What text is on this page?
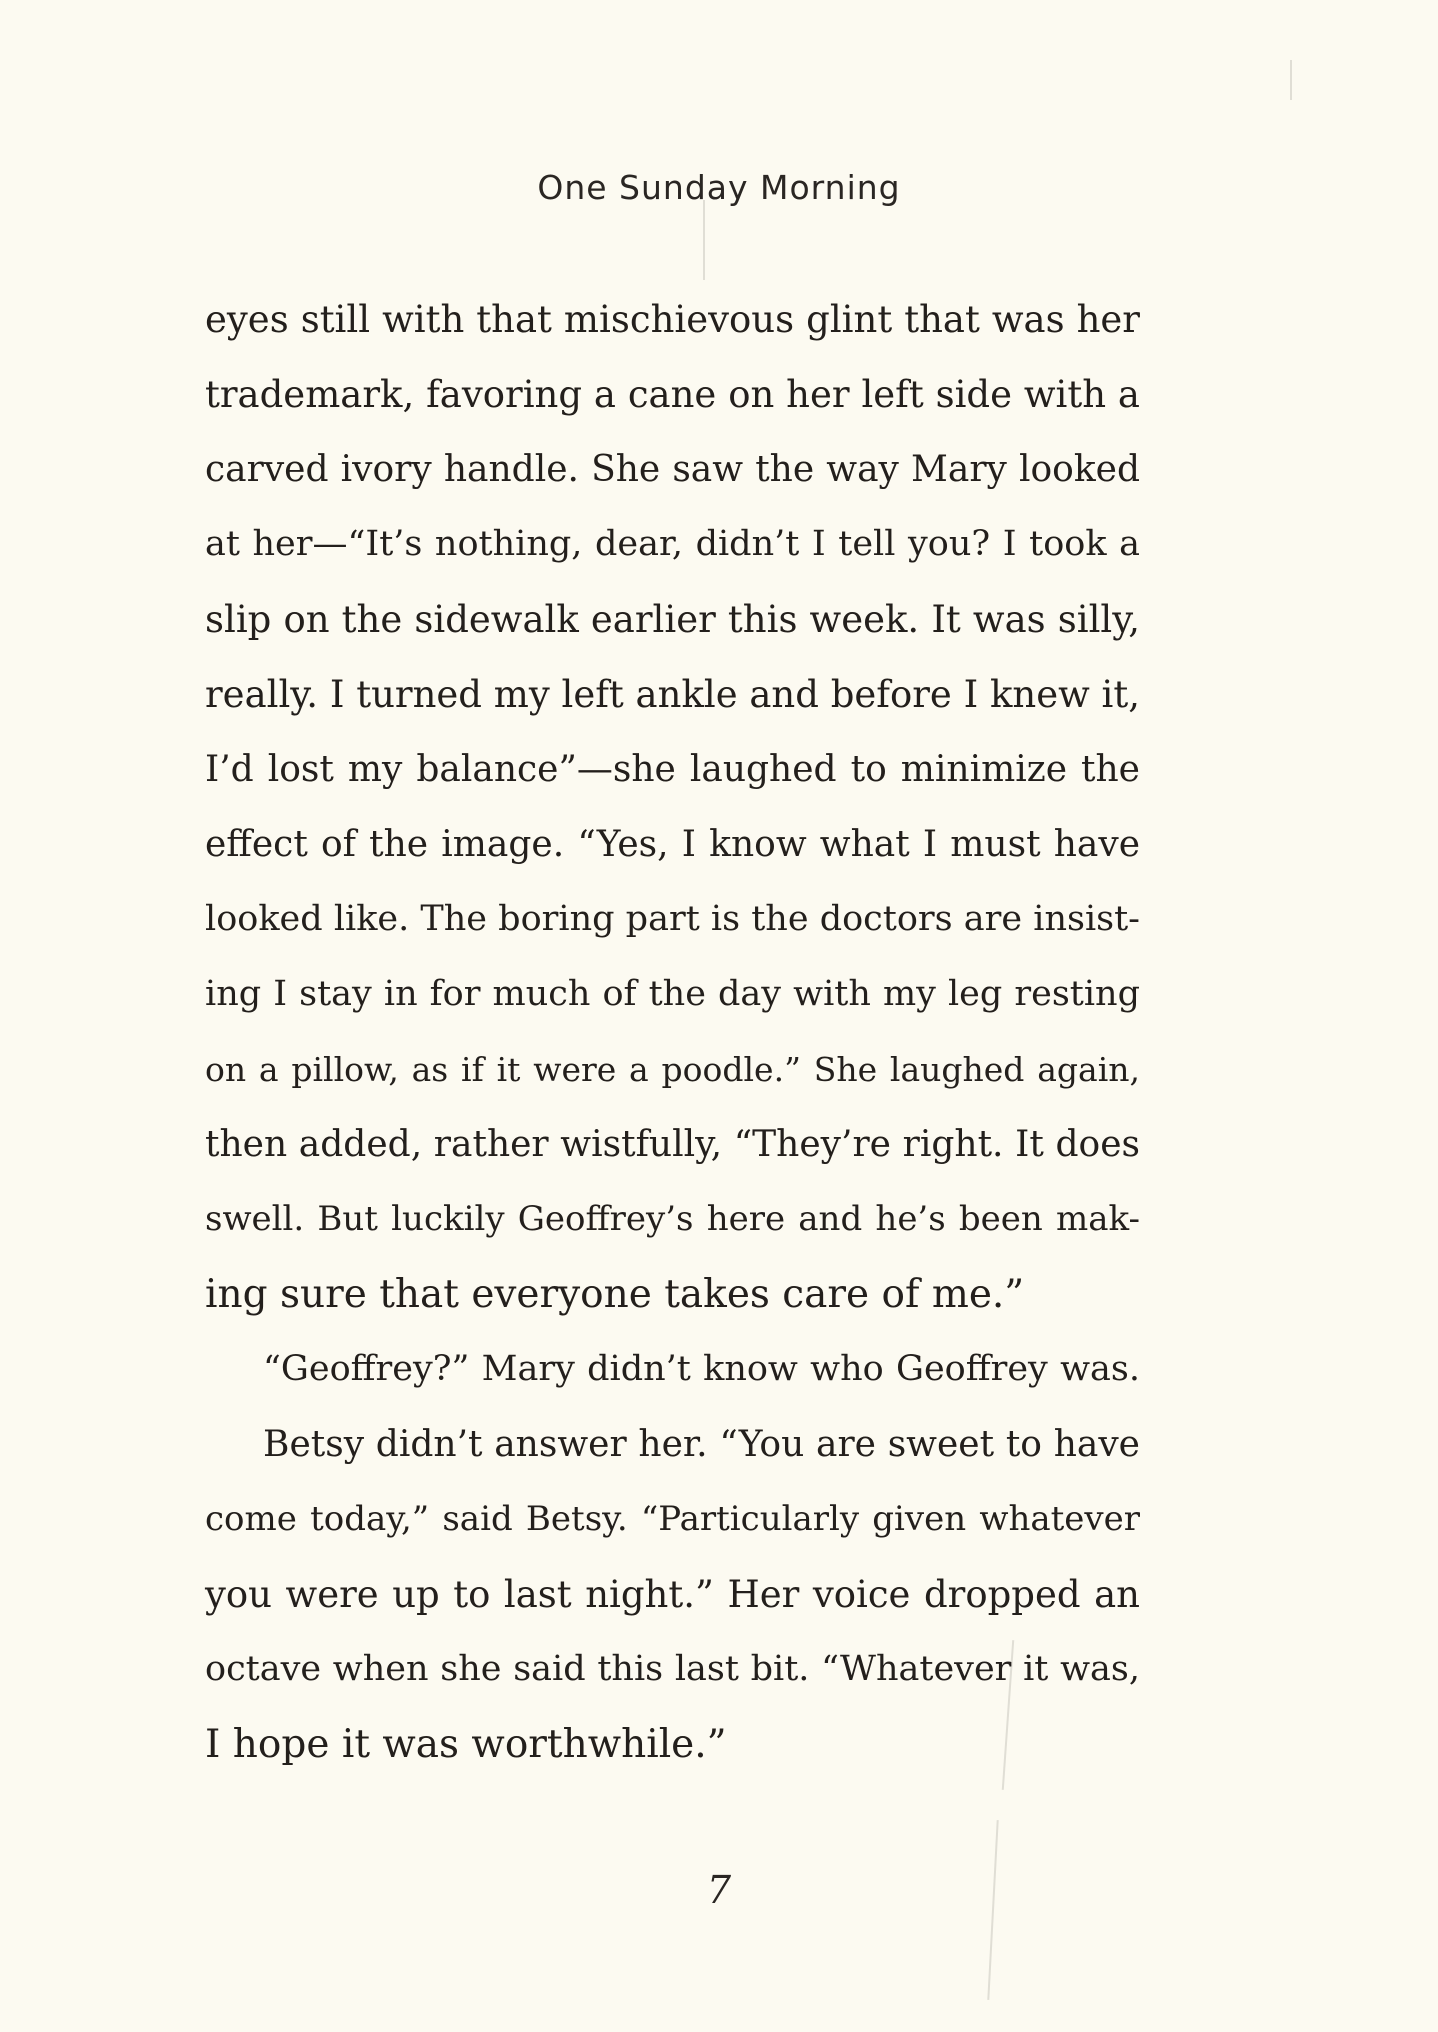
One Sunday Morning
eyes still with that mischievous glint that was her
trademark, favoring a cane on her left side with a
carved ivory handle. She saw the way Mary looked
at her—“It’s nothing, dear, didn’t I tell you? I took a
slip on the sidewalk earlier this week. It was silly,
really. I turned my left ankle and before I knew it,
I’d lost my balance”—she laughed to minimize the
effect of the image. “Yes, I know what I must have
looked like. The boring part is the doctors are insist-
ing I stay in for much of the day with my leg resting
on a pillow, as if it were a poodle.” She laughed again,
then added, rather wistfully, “They’re right. It does
swell. But luckily Geoffrey’s here and he’s been mak-
ing sure that everyone takes care of me.”
“Geoffrey?” Mary didn’t know who Geoffrey was.
Betsy didn’t answer her. “You are sweet to have
come today,” said Betsy. “Particularly given whatever
you were up to last night.” Her voice dropped an
octave when she said this last bit. “Whatever it was,
I hope it was worthwhile.”
7
